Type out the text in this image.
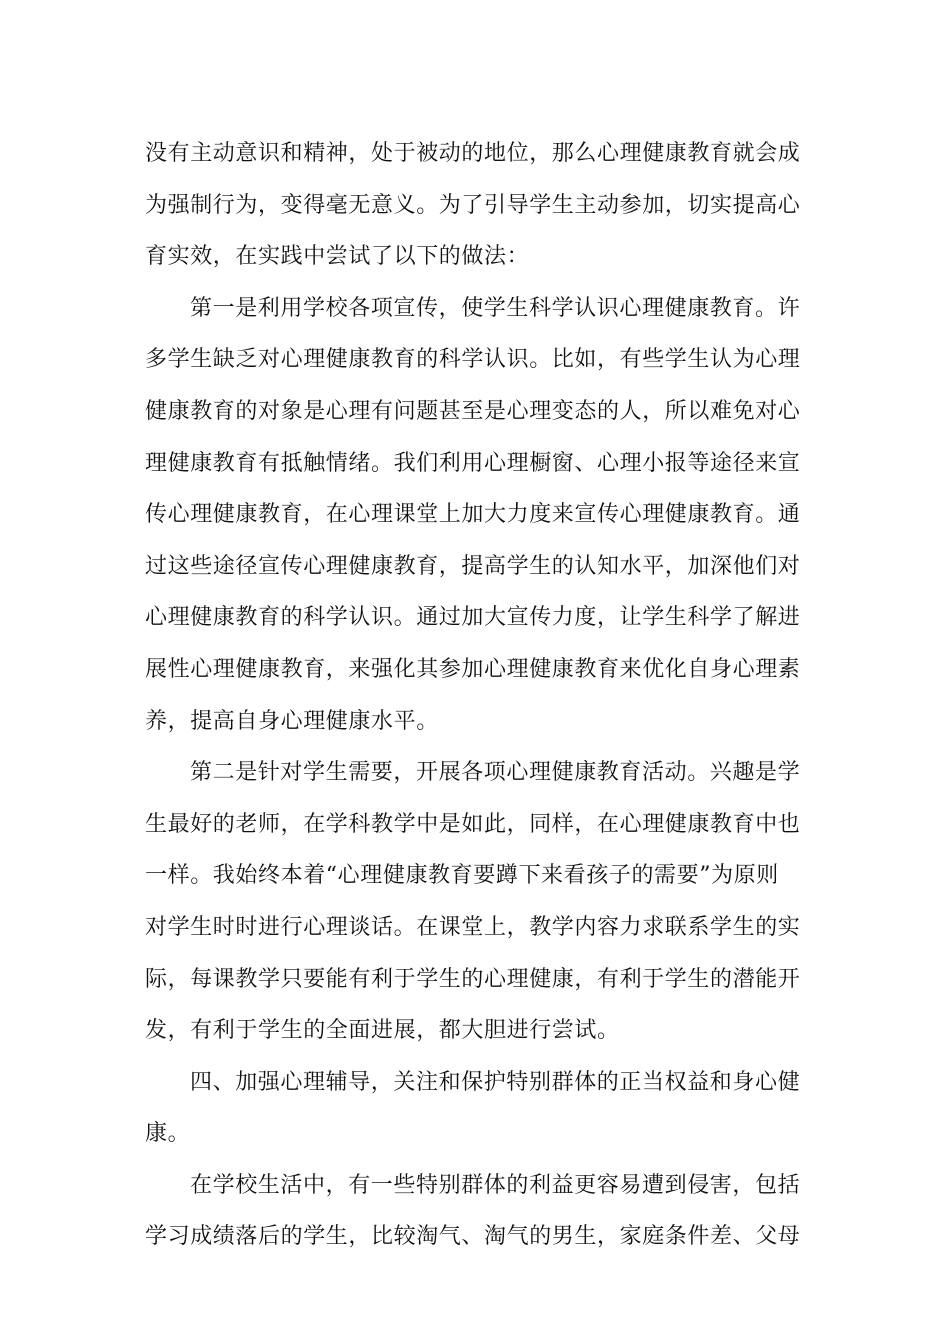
没有主动意识和精神，处于被动的地位，那么心理健康教育就会成
为强制行为，变得毫无意义。为了引导学生主动参加，切实提高心
育实效，在实践中尝试了以下的做法：
第一是利用学校各项宣传，使学生科学认识心理健康教育。许
多学生缺乏对心理健康教育的科学认识。比如，有些学生认为心理
健康教育的对象是心理有问题甚至是心理变态的人，所以难免对心
理健康教育有抵触情绪。我们利用心理橱窗、心理小报等途径来宣
传心理健康教育，在心理课堂上加大力度来宣传心理健康教育。通
过这些途径宣传心理健康教育，提高学生的认知水平，加深他们对
心理健康教育的科学认识。通过加大宣传力度，让学生科学了解进
展性心理健康教育，来强化其参加心理健康教育来优化自身心理素
养，提高自身心理健康水平。
第二是针对学生需要，开展各项心理健康教育活动。兴趣是学
生最好的老师，在学科教学中是如此，同样，在心理健康教育中也
一样。我始终本着“心理健康教育要蹲下来看孩子的需要”为原则
对学生时时进行心理谈话。在课堂上，教学内容力求联系学生的实
际，每课教学只要能有利于学生的心理健康，有利于学生的潜能开
发，有利于学生的全面进展，都大胆进行尝试。
四、加强心理辅导，关注和保护特别群体的正当权益和身心健
康。
在学校生活中，有一些特别群体的利益更容易遭到侵害，包括
学习成绩落后的学生，比较淘气、淘气的男生，家庭条件差、父母
